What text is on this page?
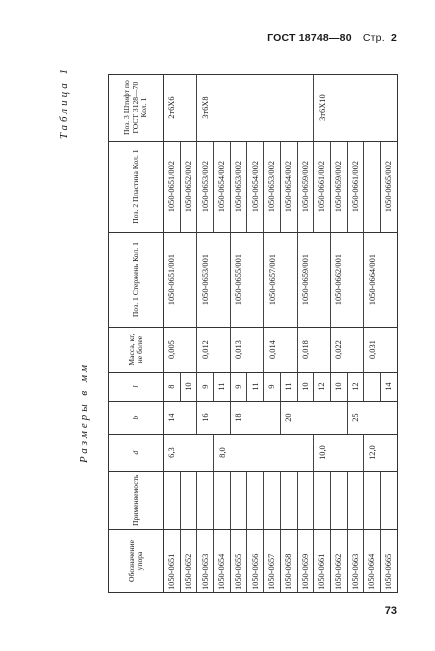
ГОСТ 18748—80 Стр. 2
Таблица 1
Размеры в мм
Обозначение упора	Применяемость	d	b	l	Масса, кг, не более	Поз. 1 Стержень Кол. 1	Поз. 2 Пластина Кол. 1	Поз. 3 Штифт по ГОСТ 3128—70 Кол. 1
1050-0651		6,3	14	8	0,005	1050-0651/001	1050-0651/002	2т6Х6
1050-0652				10			1050-0652/002	
1050-0653			16	9	0,012	1050-0653/001	1050-0653/002	3т6Х8
1050-0654		8,0		11			1050-0654/002	
1050-0655			18	9	0,013	1050-0655/001	1050-0653/002	
1050-0656				11			1050-0654/002	
1050-0657				9	0,014	1050-0657/001	1050-0653/002	
1050-0658			20	11			1050-0654/002	
1050-0659				10	0,018	1050-0659/001	1050-0659/002	
1050-0661		10,0		12			1050-0661/002	3т6Х10
1050-0662				10	0,022	1050-0662/001	1050-0659/002	
1050-0663			25	12			1050-0661/002	
1050-0664		12,0			0,031	1050-0664/001		
1050-0665				14			1050-0665/002	
73
